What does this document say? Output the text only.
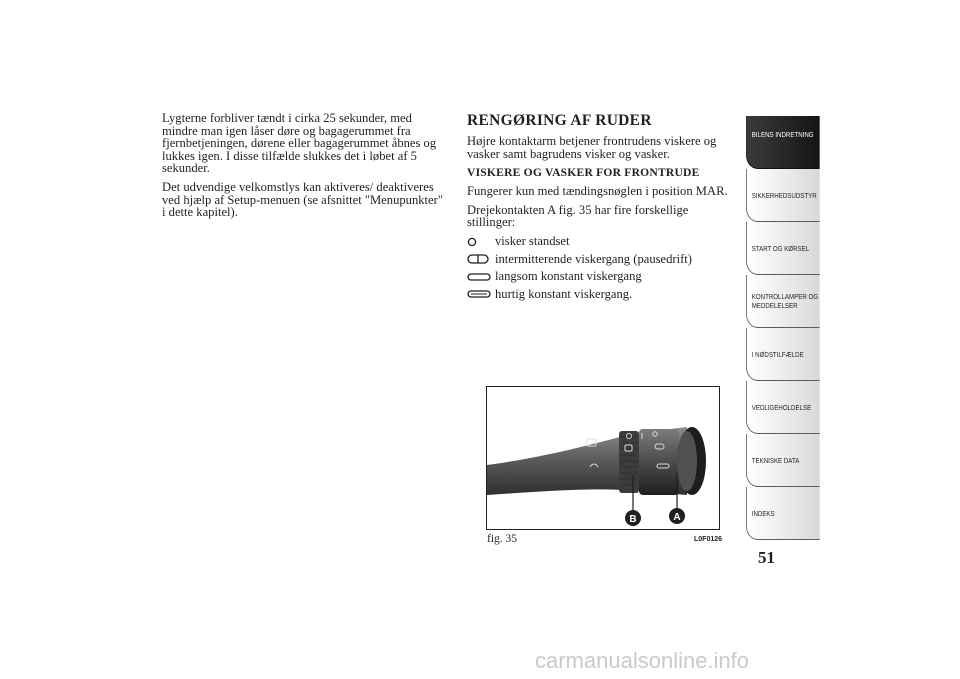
Lygterne forbliver tændt i cirka 25 sekunder, med mindre man igen låser døre og bagagerummet fra fjernbetjeningen, dørene eller bagagerummet åbnes og lukkes igen. I disse tilfælde slukkes det i løbet af 5 sekunder.

Det udvendige velkomstlys kan aktiveres/ deaktiveres ved hjælp af Setup-menuen (se afsnittet "Menupunkter" i dette kapitel).

RENGØRING AF RUDER

Højre kontaktarm betjener frontrudens viskere og vasker samt bagrudens visker og vasker.

VISKERE OG VASKER FOR FRONTRUDE

Fungerer kun med tændingsnøglen i position MAR.

Drejekontakten A fig. 35 har fire forskellige stillinger:

visker standset
intermitterende viskergang (pausedrift)
langsom konstant viskergang
hurtig konstant viskergang.
B	A
fig. 35	L0F0126
BILENS INDRETNING
SIKKERHEDSUDSTYR
START OG KØRSEL
KONTROLLAMPER OG MEDDELELSER
I NØDSTILFÆLDE
VEDLIGEHOLDELSE
TEKNISKE DATA
INDEKS
51
carmanualsonline.info
